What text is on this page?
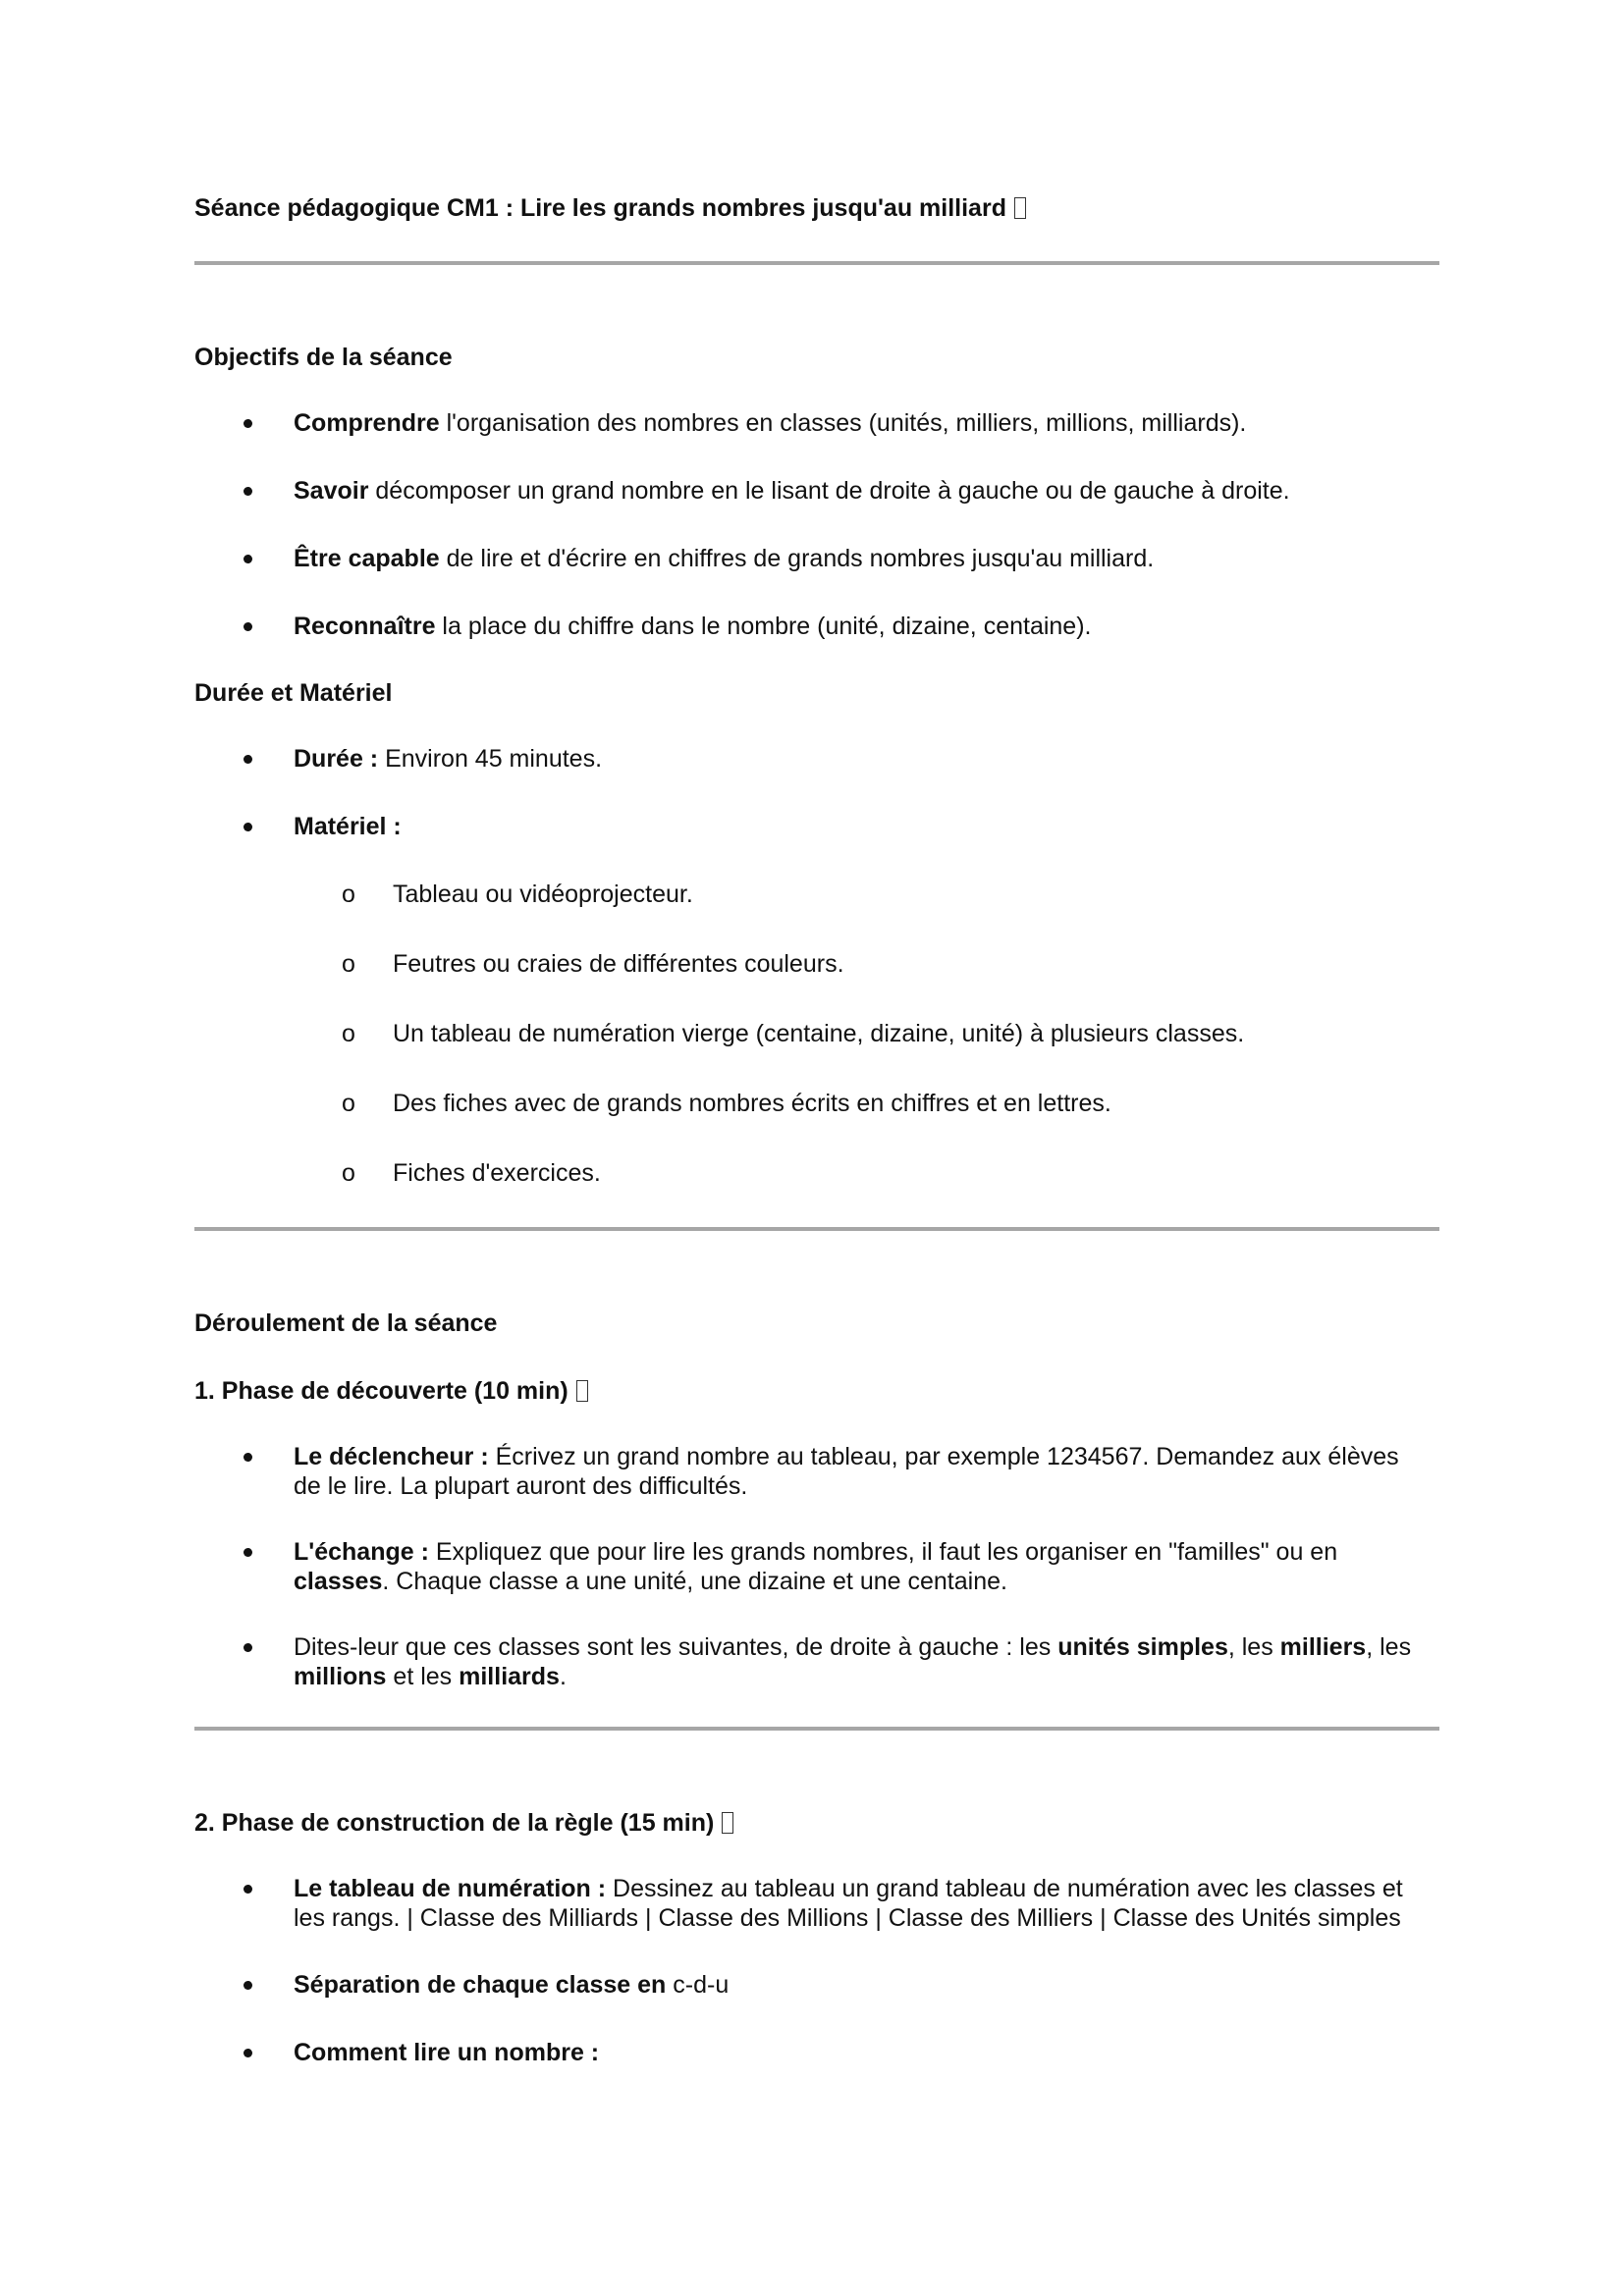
Séance pédagogique CM1 : Lire les grands nombres jusqu'au milliard
Objectifs de la séance
Comprendre l'organisation des nombres en classes (unités, milliers, millions, milliards).
Savoir décomposer un grand nombre en le lisant de droite à gauche ou de gauche à droite.
Être capable de lire et d'écrire en chiffres de grands nombres jusqu'au milliard.
Reconnaître la place du chiffre dans le nombre (unité, dizaine, centaine).
Durée et Matériel
Durée : Environ 45 minutes.
Matériel :
o Tableau ou vidéoprojecteur.
o Feutres ou craies de différentes couleurs.
o Un tableau de numération vierge (centaine, dizaine, unité) à plusieurs classes.
o Des fiches avec de grands nombres écrits en chiffres et en lettres.
o Fiches d'exercices.
Déroulement de la séance
1. Phase de découverte (10 min)
Le déclencheur : Écrivez un grand nombre au tableau, par exemple 1234567. Demandez aux élèves de le lire. La plupart auront des difficultés.
L'échange : Expliquez que pour lire les grands nombres, il faut les organiser en "familles" ou en classes. Chaque classe a une unité, une dizaine et une centaine.
Dites-leur que ces classes sont les suivantes, de droite à gauche : les unités simples, les milliers, les millions et les milliards.
2. Phase de construction de la règle (15 min)
Le tableau de numération : Dessinez au tableau un grand tableau de numération avec les classes et les rangs. | Classe des Milliards | Classe des Millions | Classe des Milliers | Classe des Unités simples
Séparation de chaque classe en c-d-u
Comment lire un nombre :
